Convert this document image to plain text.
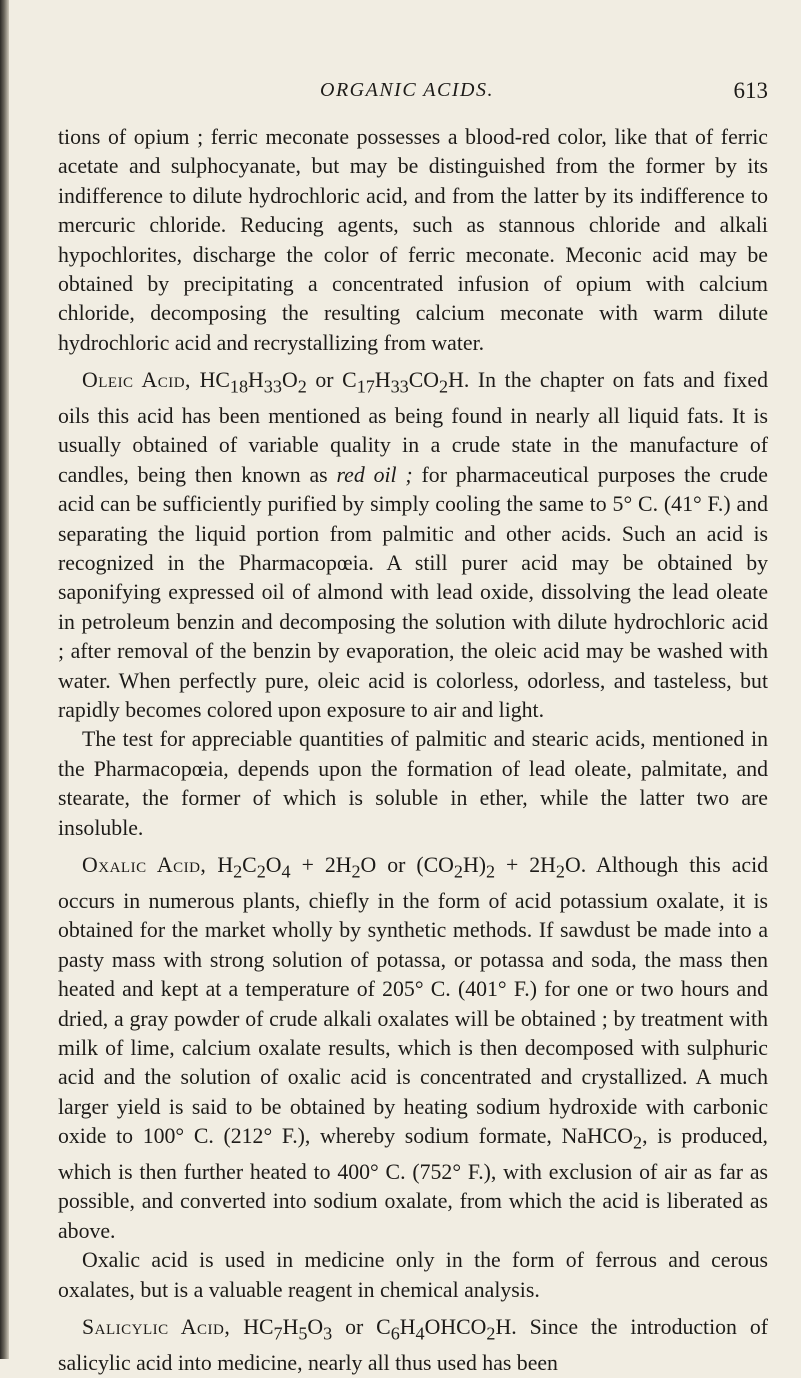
ORGANIC ACIDS.	613

tions of opium ; ferric meconate possesses a blood-red color, like that of ferric acetate and sulphocyanate, but may be distinguished from the former by its indifference to dilute hydrochloric acid, and from the latter by its indifference to mercuric chloride. Reducing agents, such as stannous chloride and alkali hypochlorites, discharge the color of ferric meconate. Meconic acid may be obtained by precipitating a concentrated infusion of opium with calcium chloride, decomposing the resulting calcium meconate with warm dilute hydrochloric acid and recrystallizing from water.

Oleic Acid, $HC_{18}H_{33}O_2$ or $C_{17}H_{33}CO_2H$. In the chapter on fats and fixed oils this acid has been mentioned as being found in nearly all liquid fats. It is usually obtained of variable quality in a crude state in the manufacture of candles, being then known as red oil ; for pharmaceutical purposes the crude acid can be sufficiently purified by simply cooling the same to 5° C. (41° F.) and separating the liquid portion from palmitic and other acids. Such an acid is recognized in the Pharmacopœia. A still purer acid may be obtained by saponifying expressed oil of almond with lead oxide, dissolving the lead oleate in petroleum benzin and decomposing the solution with dilute hydrochloric acid ; after removal of the benzin by evaporation, the oleic acid may be washed with water. When perfectly pure, oleic acid is colorless, odorless, and tasteless, but rapidly becomes colored upon exposure to air and light.

The test for appreciable quantities of palmitic and stearic acids, mentioned in the Pharmacopœia, depends upon the formation of lead oleate, palmitate, and stearate, the former of which is soluble in ether, while the latter two are insoluble.

Oxalic Acid, $H_2C_2O_4 + 2H_2O$ or $(CO_2H)_2 + 2H_2O$. Although this acid occurs in numerous plants, chiefly in the form of acid potassium oxalate, it is obtained for the market wholly by synthetic methods. If sawdust be made into a pasty mass with strong solution of potassa, or potassa and soda, the mass then heated and kept at a temperature of 205° C. (401° F.) for one or two hours and dried, a gray powder of crude alkali oxalates will be obtained ; by treatment with milk of lime, calcium oxalate results, which is then decomposed with sulphuric acid and the solution of oxalic acid is concentrated and crystallized. A much larger yield is said to be obtained by heating sodium hydroxide with carbonic oxide to 100° C. (212° F.), whereby sodium formate, NaHCO$_2$, is produced, which is then further heated to 400° C. (752° F.), with exclusion of air as far as possible, and converted into sodium oxalate, from which the acid is liberated as above.

Oxalic acid is used in medicine only in the form of ferrous and cerous oxalates, but is a valuable reagent in chemical analysis.

Salicylic Acid, $HC_7H_5O_3$ or $C_6H_4OHCO_2H$. Since the introduction of salicylic acid into medicine, nearly all thus used has been
